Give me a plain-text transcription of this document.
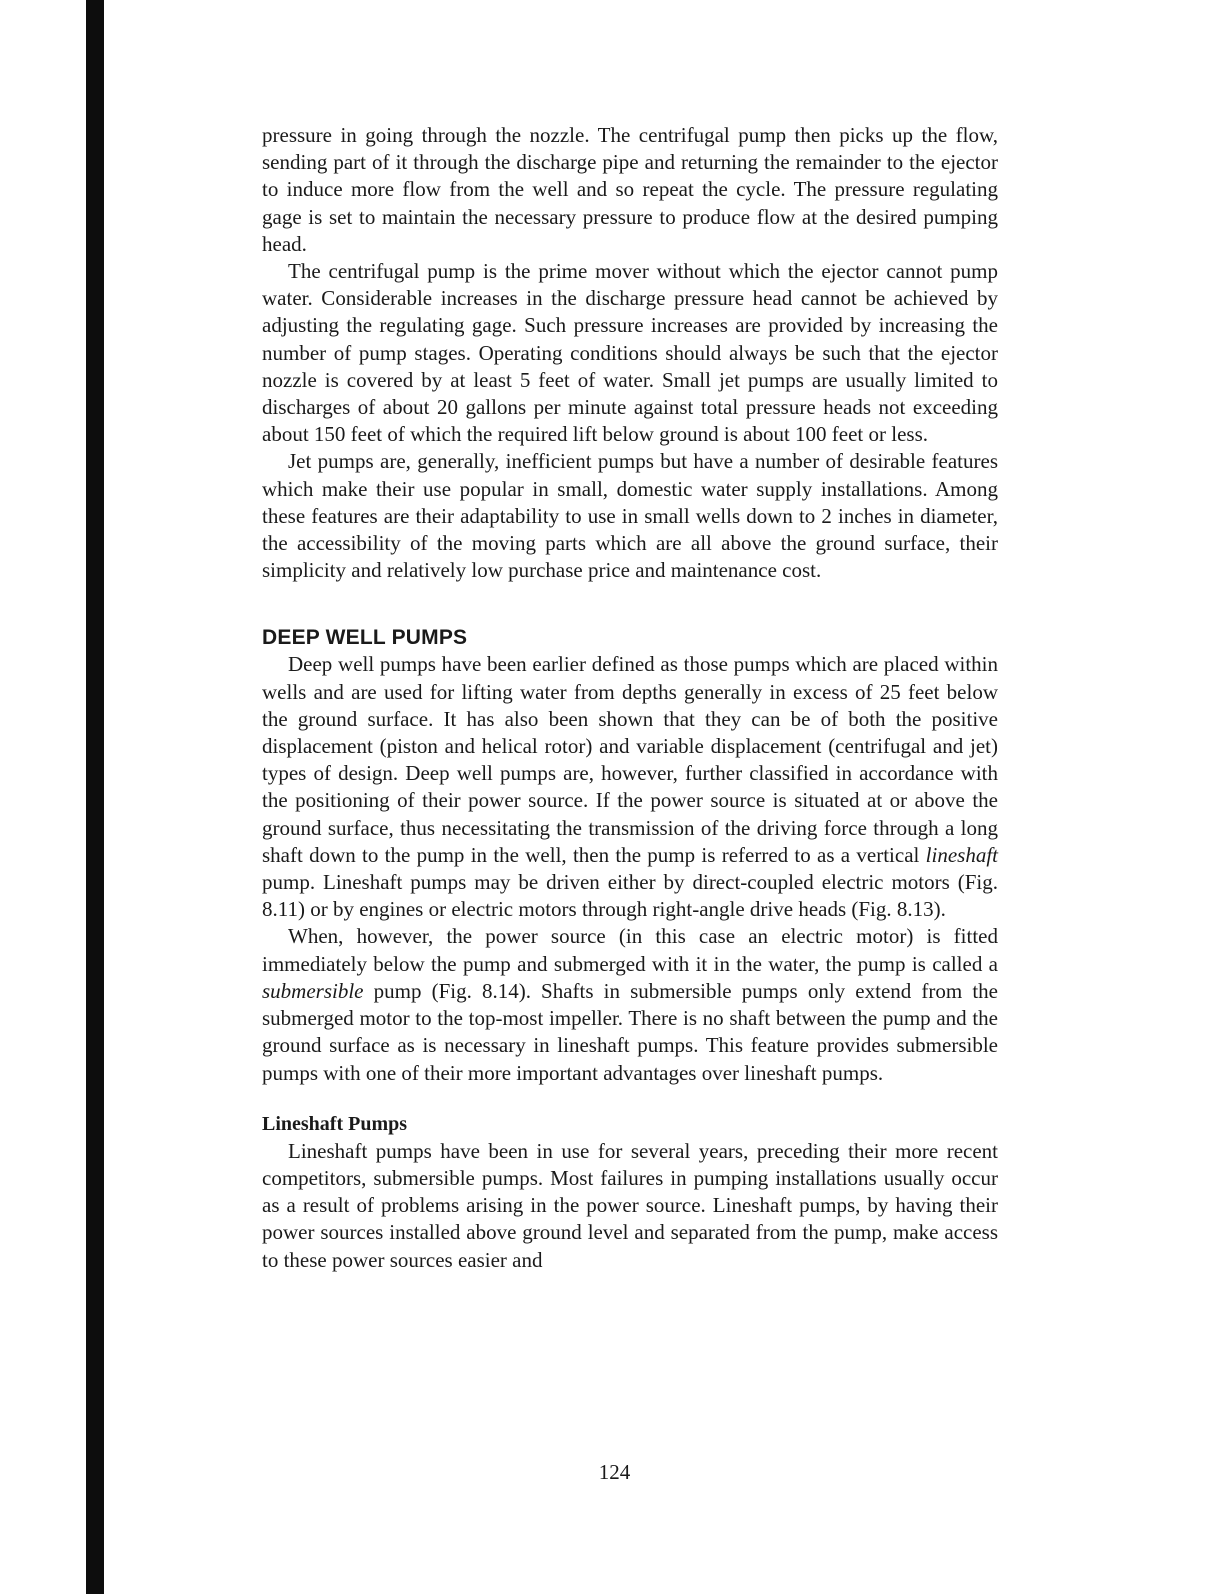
pressure in going through the nozzle. The centrifugal pump then picks up the flow, sending part of it through the discharge pipe and returning the remainder to the ejector to induce more flow from the well and so repeat the cycle. The pressure regulating gage is set to maintain the necessary pressure to produce flow at the desired pumping head.

The centrifugal pump is the prime mover without which the ejector cannot pump water. Considerable increases in the discharge pressure head cannot be achieved by adjusting the regulating gage. Such pressure increases are provided by increasing the number of pump stages. Operating conditions should always be such that the ejector nozzle is covered by at least 5 feet of water. Small jet pumps are usually limited to discharges of about 20 gallons per minute against total pressure heads not exceeding about 150 feet of which the required lift below ground is about 100 feet or less.

Jet pumps are, generally, inefficient pumps but have a number of desirable features which make their use popular in small, domestic water supply installations. Among these features are their adaptability to use in small wells down to 2 inches in diameter, the accessibility of the moving parts which are all above the ground surface, their simplicity and relatively low purchase price and maintenance cost.

DEEP WELL PUMPS

Deep well pumps have been earlier defined as those pumps which are placed within wells and are used for lifting water from depths generally in excess of 25 feet below the ground surface. It has also been shown that they can be of both the positive displacement (piston and helical rotor) and variable displacement (centrifugal and jet) types of design. Deep well pumps are, however, further classified in accordance with the positioning of their power source. If the power source is situated at or above the ground surface, thus necessitating the transmission of the driving force through a long shaft down to the pump in the well, then the pump is referred to as a vertical lineshaft pump. Lineshaft pumps may be driven either by direct-coupled electric motors (Fig. 8.11) or by engines or electric motors through right-angle drive heads (Fig. 8.13).

When, however, the power source (in this case an electric motor) is fitted immediately below the pump and submerged with it in the water, the pump is called a submersible pump (Fig. 8.14). Shafts in submersible pumps only extend from the submerged motor to the top-most impeller. There is no shaft between the pump and the ground surface as is necessary in lineshaft pumps. This feature provides submersible pumps with one of their more important advantages over lineshaft pumps.

Lineshaft Pumps

Lineshaft pumps have been in use for several years, preceding their more recent competitors, submersible pumps. Most failures in pumping installations usually occur as a result of problems arising in the power source. Lineshaft pumps, by having their power sources installed above ground level and separated from the pump, make access to these power sources easier and

124
